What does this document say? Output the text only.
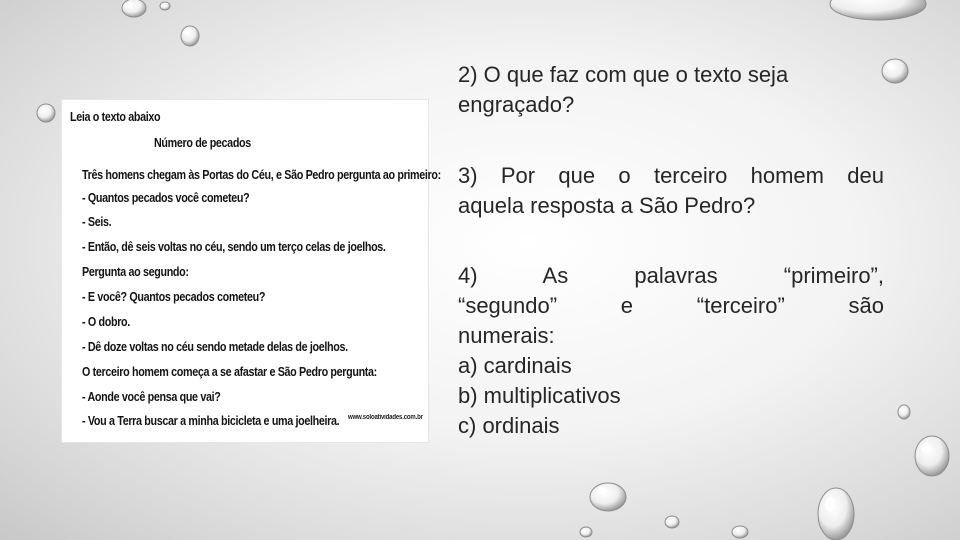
Leia o texto abaixo
Número de pecados
Três homens chegam às Portas do Céu, e São Pedro pergunta ao primeiro:
- Quantos pecados você cometeu?
- Seis.
- Então, dê seis voltas no céu, sendo um terço celas de joelhos.
Pergunta ao segundo:
- E você? Quantos pecados cometeu?
- O dobro.
- Dê doze voltas no céu sendo metade delas de joelhos.
O terceiro homem começa a se afastar e São Pedro pergunta:
- Aonde você pensa que vai?
- Vou a Terra buscar a minha bicicleta e uma joelheira. www.soloatividades.com.br

2) O que faz com que o texto seja

engraçado?

3) Por que o terceiro homem deu

aquela resposta a São Pedro?

4) As palavras “primeiro”,

“segundo” e “terceiro” são

numerais:

a) cardinais
b) multiplicativos
c) ordinais
